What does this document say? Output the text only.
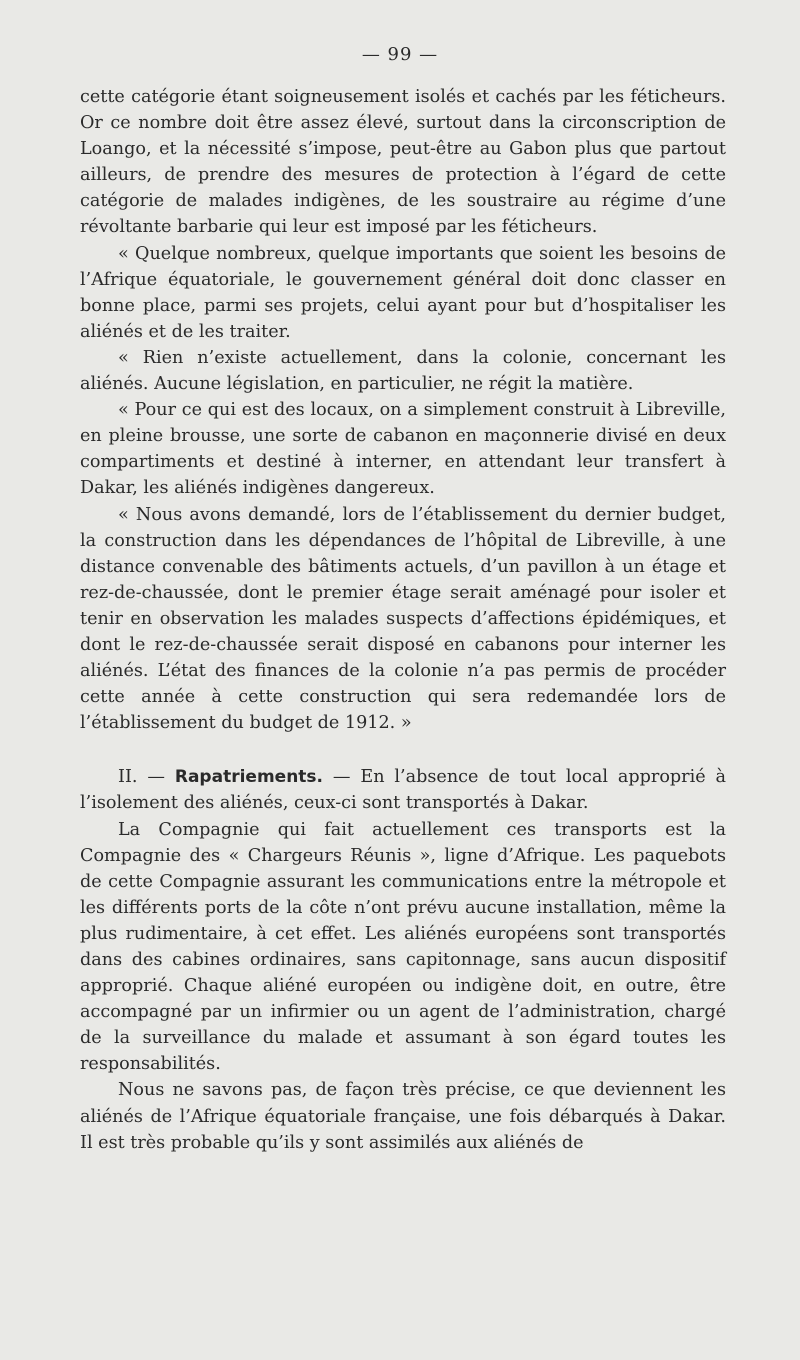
— 99 —

cette catégorie étant soigneusement isolés et cachés par les féticheurs. Or ce nombre doit être assez élevé, surtout dans la circonscription de Loango, et la nécessité s’impose, peut-être au Gabon plus que partout ailleurs, de prendre des mesures de protection à l’égard de cette catégorie de malades indigènes, de les soustraire au régime d’une révoltante barbarie qui leur est imposé par les féticheurs.

« Quelque nombreux, quelque importants que soient les besoins de l’Afrique équatoriale, le gouvernement général doit donc classer en bonne place, parmi ses projets, celui ayant pour but d’hospitaliser les aliénés et de les traiter.

« Rien n’existe actuellement, dans la colonie, concernant les aliénés. Aucune législation, en particulier, ne régit la matière.

« Pour ce qui est des locaux, on a simplement construit à Libreville, en pleine brousse, une sorte de cabanon en maçonnerie divisé en deux compartiments et destiné à interner, en attendant leur transfert à Dakar, les aliénés indigènes dangereux.

« Nous avons demandé, lors de l’établissement du dernier budget, la construction dans les dépendances de l’hôpital de Libreville, à une distance convenable des bâtiments actuels, d’un pavillon à un étage et rez-de-chaussée, dont le premier étage serait aménagé pour isoler et tenir en observation les malades suspects d’affections épidémiques, et dont le rez-de-chaussée serait disposé en cabanons pour interner les aliénés. L’état des finances de la colonie n’a pas permis de procéder cette année à cette construction qui sera redemandée lors de l’établissement du budget de 1912. »

II. — Rapatriements. — En l’absence de tout local approprié à l’isolement des aliénés, ceux-ci sont transportés à Dakar.

La Compagnie qui fait actuellement ces transports est la Compagnie des « Chargeurs Réunis », ligne d’Afrique. Les paquebots de cette Compagnie assurant les communications entre la métropole et les différents ports de la côte n’ont prévu aucune installation, même la plus rudimentaire, à cet effet. Les aliénés européens sont transportés dans des cabines ordinaires, sans capitonnage, sans aucun dispositif approprié. Chaque aliéné européen ou indigène doit, en outre, être accompagné par un infirmier ou un agent de l’administration, chargé de la surveillance du malade et assumant à son égard toutes les responsabilités.

Nous ne savons pas, de façon très précise, ce que deviennent les aliénés de l’Afrique équatoriale française, une fois débarqués à Dakar. Il est très probable qu’ils y sont assimilés aux aliénés de
